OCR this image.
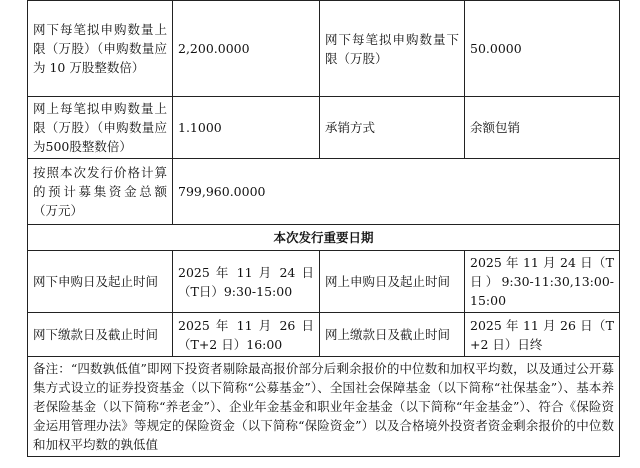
网下每笔拟申购数量上限（万股）（申购数量应为 10 万股整数倍）	2,200.0000	网下每笔拟申购数量下限（万股）	50.0000
网上每笔拟申购数量上限（万股）（申购数量应为500股整数倍）	1.1000	承销方式	余额包销
按照本次发行价格计算的预计募集资金总额（万元）	799,960.0000		
本次发行重要日期			
网下申购日及起止时间	2025 年 11 月 24 日（T日）9:30-15:00	网上申购日及起止时间	2025 年 11 月 24 日（T日）9:30-11:30,13:00-15:00
网下缴款日及截止时间	2025 年 11 月 26 日（T+2 日）16:00	网上缴款日及截止时间	2025 年 11 月 26 日（T+2 日）日终
备注：“四数孰低值”即网下投资者剔除最高报价部分后剩余报价的中位数和加权平均数，以及通过公开募集方式设立的证券投资基金（以下简称“公募基金”）、全国社会保障基金（以下简称“社保基金”）、基本养老保险基金（以下简称“养老金”）、企业年金基金和职业年金基金（以下简称“年金基金”）、符合《保险资金运用管理办法》等规定的保险资金（以下简称“保险资金”）以及合格境外投资者资金剩余报价的中位数和加权平均数的孰低值			
